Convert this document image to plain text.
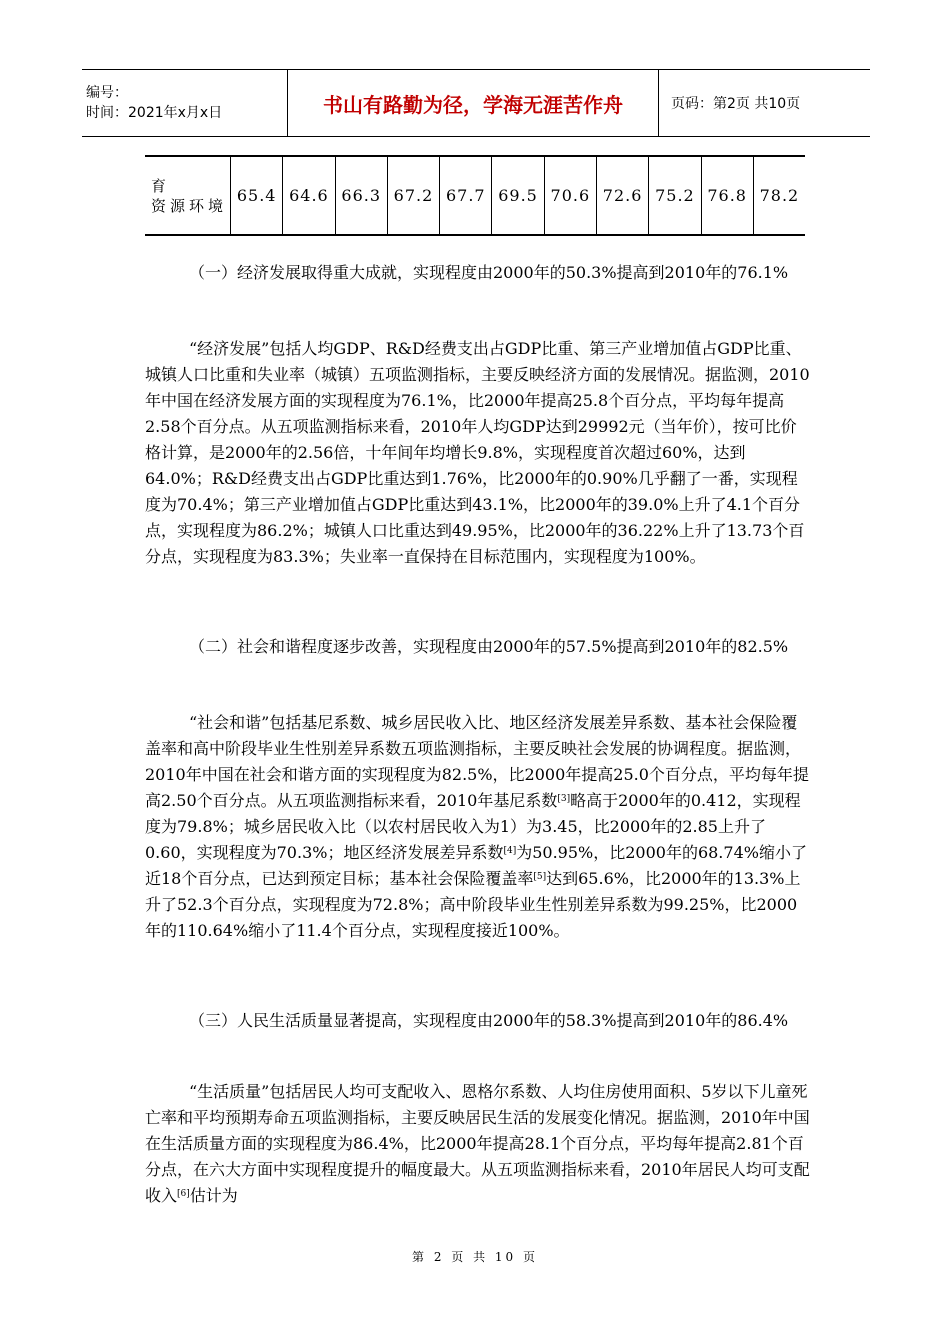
编号：
时间：2021年x月x日	书山有路勤为径，学海无涯苦作舟	页码：第2页 共10页
育
资源环境
	65.4	64.6	66.3	67.2	67.7	69.5	70.6	72.6	75.2	76.8	78.2

（一）经济发展取得重大成就，实现程度由2000年的50.3%提高到2010年的76.1%

“经济发展”包括人均GDP、R&D经费支出占GDP比重、第三产业增加值占GDP比重、城镇人口比重和失业率（城镇）五项监测指标，主要反映经济方面的发展情况。据监测，2010年中国在经济发展方面的实现程度为76.1%，比2000年提高25.8个百分点，平均每年提高2.58个百分点。从五项监测指标来看，2010年人均GDP达到29992元（当年价），按可比价格计算，是2000年的2.56倍，十年间年均增长9.8%，实现程度首次超过60%，达到64.0%；R&D经费支出占GDP比重达到1.76%，比2000年的0.90%几乎翻了一番，实现程度为70.4%；第三产业增加值占GDP比重达到43.1%，比2000年的39.0%上升了4.1个百分点，实现程度为86.2%；城镇人口比重达到49.95%，比2000年的36.22%上升了13.73个百分点，实现程度为83.3%；失业率一直保持在目标范围内，实现程度为100%。

（二）社会和谐程度逐步改善，实现程度由2000年的57.5%提高到2010年的82.5%

“社会和谐”包括基尼系数、城乡居民收入比、地区经济发展差异系数、基本社会保险覆盖率和高中阶段毕业生性别差异系数五项监测指标，主要反映社会发展的协调程度。据监测，2010年中国在社会和谐方面的实现程度为82.5%，比2000年提高25.0个百分点，平均每年提高2.50个百分点。从五项监测指标来看，2010年基尼系数[3]略高于2000年的0.412，实现程度为79.8%；城乡居民收入比（以农村居民收入为1）为3.45，比2000年的2.85上升了0.60，实现程度为70.3%；地区经济发展差异系数[4]为50.95%，比2000年的68.74%缩小了近18个百分点，已达到预定目标；基本社会保险覆盖率[5]达到65.6%，比2000年的13.3%上升了52.3个百分点，实现程度为72.8%；高中阶段毕业生性别差异系数为99.25%，比2000年的110.64%缩小了11.4个百分点，实现程度接近100%。

（三）人民生活质量显著提高，实现程度由2000年的58.3%提高到2010年的86.4%

“生活质量”包括居民人均可支配收入、恩格尔系数、人均住房使用面积、5岁以下儿童死亡率和平均预期寿命五项监测指标，主要反映居民生活的发展变化情况。据监测，2010年中国在生活质量方面的实现程度为86.4%，比2000年提高28.1个百分点，平均每年提高2.81个百分点，在六大方面中实现程度提升的幅度最大。从五项监测指标来看，2010年居民人均可支配收入[6]估计为

第 2 页 共 10 页
